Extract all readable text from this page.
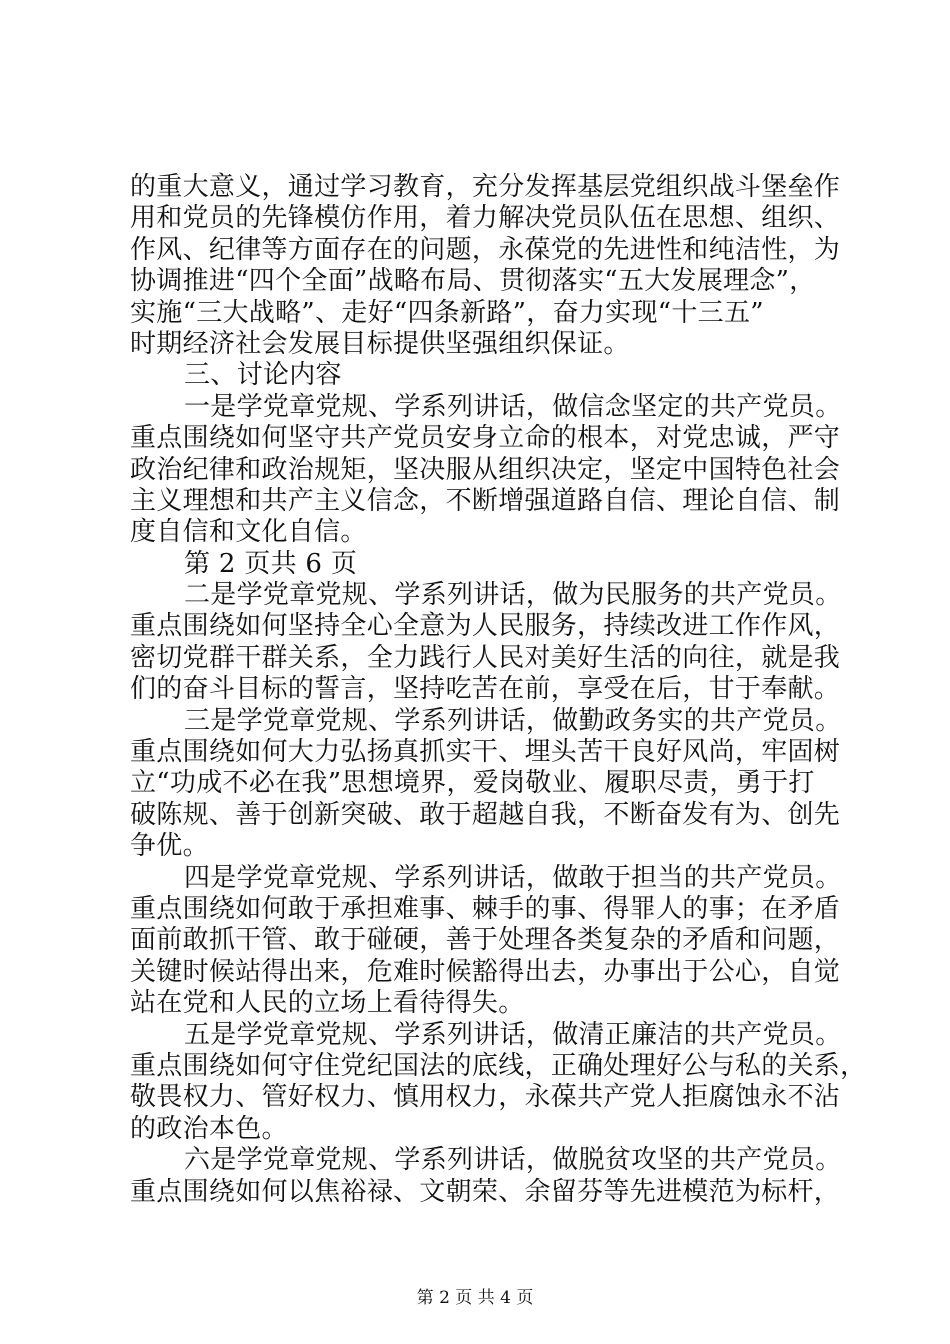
的重大意义，通过学习教育，充分发挥基层党组织战斗堡垒作
用和党员的先锋模仿作用，着力解决党员队伍在思想、组织、
作风、纪律等方面存在的问题，永葆党的先进性和纯洁性，为
协调推进“四个全面”战略布局、贯彻落实“五大发展理念”，
实施“三大战略”、走好“四条新路”，奋力实现“十三五”
时期经济社会发展目标提供坚强组织保证。
三、讨论内容
一是学党章党规、学系列讲话，做信念坚定的共产党员。
重点围绕如何坚守共产党员安身立命的根本，对党忠诚，严守
政治纪律和政治规矩，坚决服从组织决定，坚定中国特色社会
主义理想和共产主义信念，不断增强道路自信、理论自信、制
度自信和文化自信。
第 2 页共 6 页
二是学党章党规、学系列讲话，做为民服务的共产党员。
重点围绕如何坚持全心全意为人民服务，持续改进工作作风，
密切党群干群关系，全力践行人民对美好生活的向往，就是我
们的奋斗目标的誓言，坚持吃苦在前，享受在后，甘于奉献。
三是学党章党规、学系列讲话，做勤政务实的共产党员。
重点围绕如何大力弘扬真抓实干、埋头苦干良好风尚，牢固树
立“功成不必在我”思想境界，爱岗敬业、履职尽责，勇于打
破陈规、善于创新突破、敢于超越自我，不断奋发有为、创先
争优。
四是学党章党规、学系列讲话，做敢于担当的共产党员。
重点围绕如何敢于承担难事、棘手的事、得罪人的事；在矛盾
面前敢抓干管、敢于碰硬，善于处理各类复杂的矛盾和问题，
关键时候站得出来，危难时候豁得出去，办事出于公心，自觉
站在党和人民的立场上看待得失。
五是学党章党规、学系列讲话，做清正廉洁的共产党员。
重点围绕如何守住党纪国法的底线，正确处理好公与私的关系，
敬畏权力、管好权力、慎用权力，永葆共产党人拒腐蚀永不沾
的政治本色。
六是学党章党规、学系列讲话，做脱贫攻坚的共产党员。
重点围绕如何以焦裕禄、文朝荣、余留芬等先进模范为标杆，
第 2 页 共 4 页
